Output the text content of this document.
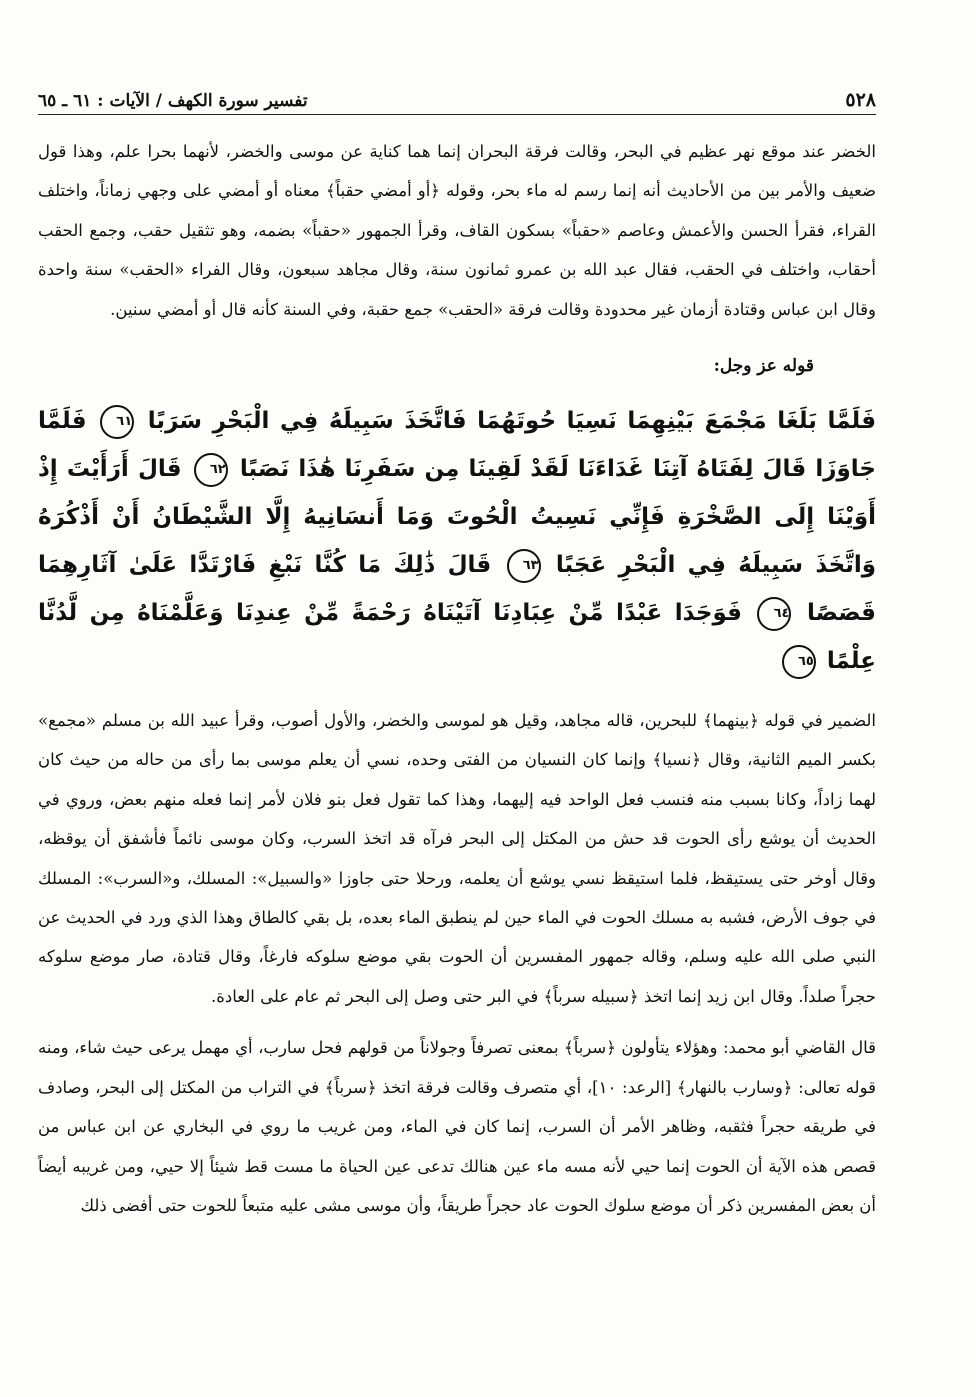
٥٢٨
تفسير سورة الكهف / الآيات : ٦١ ـ ٦٥

الخضر عند موقع نهر عظيم في البحر، وقالت فرقة البحران إنما هما كناية عن موسى والخضر، لأنهما بحرا علم، وهذا قول ضعيف والأمر بين من الأحاديث أنه إنما رسم له ماء بحر، وقوله ﴿أو أمضي حقباً﴾ معناه أو أمضي على وجهي زماناً، واختلف القراء، فقرأ الحسن والأعمش وعاصم «حقباً» بسكون القاف، وقرأ الجمهور «حقباً» بضمه، وهو تثقيل حقب، وجمع الحقب أحقاب، واختلف في الحقب، فقال عبد الله بن عمرو ثمانون سنة، وقال مجاهد سبعون، وقال الفراء «الحقب» سنة واحدة وقال ابن عباس وقتادة أزمان غير محدودة وقالت فرقة «الحقب» جمع حقبة، وفي السنة كأنه قال أو أمضي سنين.

قوله عز وجل:

فَلَمَّا بَلَغَا مَجْمَعَ بَيْنِهِمَا نَسِيَا حُوتَهُمَا فَاتَّخَذَ سَبِيلَهُ فِي الْبَحْرِ سَرَبًا ٦١ فَلَمَّا جَاوَزَا قَالَ لِفَتَاهُ آتِنَا غَدَاءَنَا لَقَدْ لَقِينَا مِن سَفَرِنَا هَٰذَا نَصَبًا ٦٢ قَالَ أَرَأَيْتَ إِذْ أَوَيْنَا إِلَى الصَّخْرَةِ فَإِنِّي نَسِيتُ الْحُوتَ وَمَا أَنسَانِيهُ إِلَّا الشَّيْطَانُ أَنْ أَذْكُرَهُ وَاتَّخَذَ سَبِيلَهُ فِي الْبَحْرِ عَجَبًا ٦٣ قَالَ ذَٰلِكَ مَا كُنَّا نَبْغِ فَارْتَدَّا عَلَىٰ آثَارِهِمَا قَصَصًا ٦٤ فَوَجَدَا عَبْدًا مِّنْ عِبَادِنَا آتَيْنَاهُ رَحْمَةً مِّنْ عِندِنَا وَعَلَّمْنَاهُ مِن لَّدُنَّا عِلْمًا ٦٥

الضمير في قوله ﴿بينهما﴾ للبحرين، قاله مجاهد، وقيل هو لموسى والخضر، والأول أصوب، وقرأ عبيد الله بن مسلم «مجمع» بكسر الميم الثانية، وقال ﴿نسيا﴾ وإنما كان النسيان من الفتى وحده، نسي أن يعلم موسى بما رأى من حاله من حيث كان لهما زاداً، وكانا بسبب منه فنسب فعل الواحد فيه إليهما، وهذا كما تقول فعل بنو فلان لأمر إنما فعله منهم بعض، وروي في الحديث أن يوشع رأى الحوت قد حش من المكتل إلى البحر فرآه قد اتخذ السرب، وكان موسى نائماً فأشفق أن يوقظه، وقال أوخر حتى يستيقظ، فلما استيقظ نسي يوشع أن يعلمه، ورحلا حتى جاوزا «والسبيل»: المسلك، و«السرب»: المسلك في جوف الأرض، فشبه به مسلك الحوت في الماء حين لم ينطبق الماء بعده، بل بقي كالطاق وهذا الذي ورد في الحديث عن النبي صلى الله عليه وسلم، وقاله جمهور المفسرين أن الحوت بقي موضع سلوكه فارغاً، وقال قتادة، صار موضع سلوكه حجراً صلداً. وقال ابن زيد إنما اتخذ ﴿سبيله سرباً﴾ في البر حتى وصل إلى البحر ثم عام على العادة.

قال القاضي أبو محمد: وهؤلاء يتأولون ﴿سرباً﴾ بمعنى تصرفاً وجولاناً من قولهم فحل سارب، أي مهمل يرعى حيث شاء، ومنه قوله تعالى: ﴿وسارب بالنهار﴾ [الرعد: ١٠]، أي متصرف وقالت فرقة اتخذ ﴿سرباً﴾ في التراب من المكتل إلى البحر، وصادف في طريقه حجراً فثقبه، وظاهر الأمر أن السرب، إنما كان في الماء، ومن غريب ما روي في البخاري عن ابن عباس من قصص هذه الآية أن الحوت إنما حيي لأنه مسه ماء عين هنالك تدعى عين الحياة ما مست قط شيئاً إلا حيي، ومن غريبه أيضاً أن بعض المفسرين ذكر أن موضع سلوك الحوت عاد حجراً طريقاً، وأن موسى مشى عليه متبعاً للحوت حتى أفضى ذلك
